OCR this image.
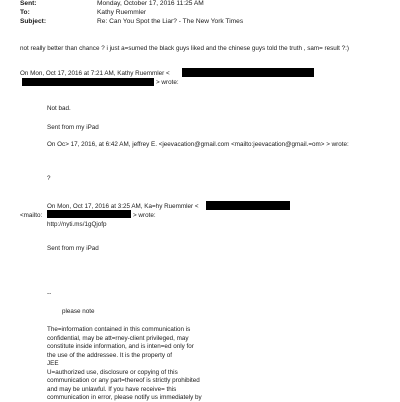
Sent:	Monday, October 17, 2016 11:25 AM
To:	Kathy Ruemmler
Subject:	Re: Can You Spot the Liar? - The New York Times
not really better than chance ? i just a=sumed the black guys liked and the chinese guys told the truth , sam= result ?:)
On Mon, Oct 17, 2016 at 7:21 AM, Kathy Ruemmler <
> wrote:
Not bad.
Sent from my iPad
On Oc> 17, 2016, at 6:42 AM, jeffrey E. <jeevacation@gmail.com <mailto:jeevacation@gmail.=om> > wrote:
?
On Mon, Oct 17, 2016 at 3:25 AM, Ka=hy Ruemmler <
<mailto:	> wrote:
http://nyti.ms/1gQjofp
Sent from my iPad
--
please note
The=information contained in this communication is
confidential, may be att=rney-client privileged, may
constitute inside information, and is inten=ed only for
the use of the addressee. It is the property of
JEE
U=authorized use, disclosure or copying of this
communication or any part=thereof is strictly prohibited
and may be unlawful. If you have receive= this
communication in error, please notify us immediately by
